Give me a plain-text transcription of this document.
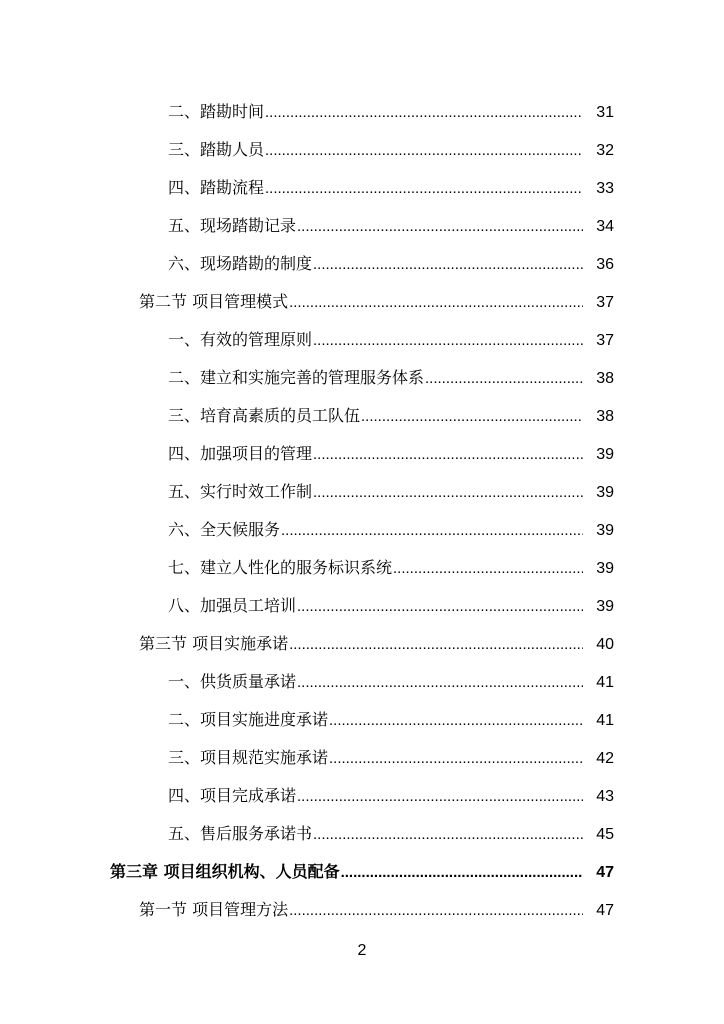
二、踏勘时间 .....	31
三、踏勘人员 .....	32
四、踏勘流程 .....	33
五、现场踏勘记录 .....	34
六、现场踏勘的制度 .....	36
第二节 项目管理模式 .....	37
一、有效的管理原则 .....	37
二、建立和实施完善的管理服务体系 .....	38
三、培育高素质的员工队伍 .....	38
四、加强项目的管理 .....	39
五、实行时效工作制 .....	39
六、全天候服务 .....	39
七、建立人性化的服务标识系统 .....	39
八、加强员工培训 .....	39
第三节 项目实施承诺 .....	40
一、供货质量承诺 .....	41
二、项目实施进度承诺 .....	41
三、项目规范实施承诺 .....	42
四、项目完成承诺 .....	43
五、售后服务承诺书 .....	45
第三章 项目组织机构、人员配备 .....	47
第一节 项目管理方法 .....	47
2
